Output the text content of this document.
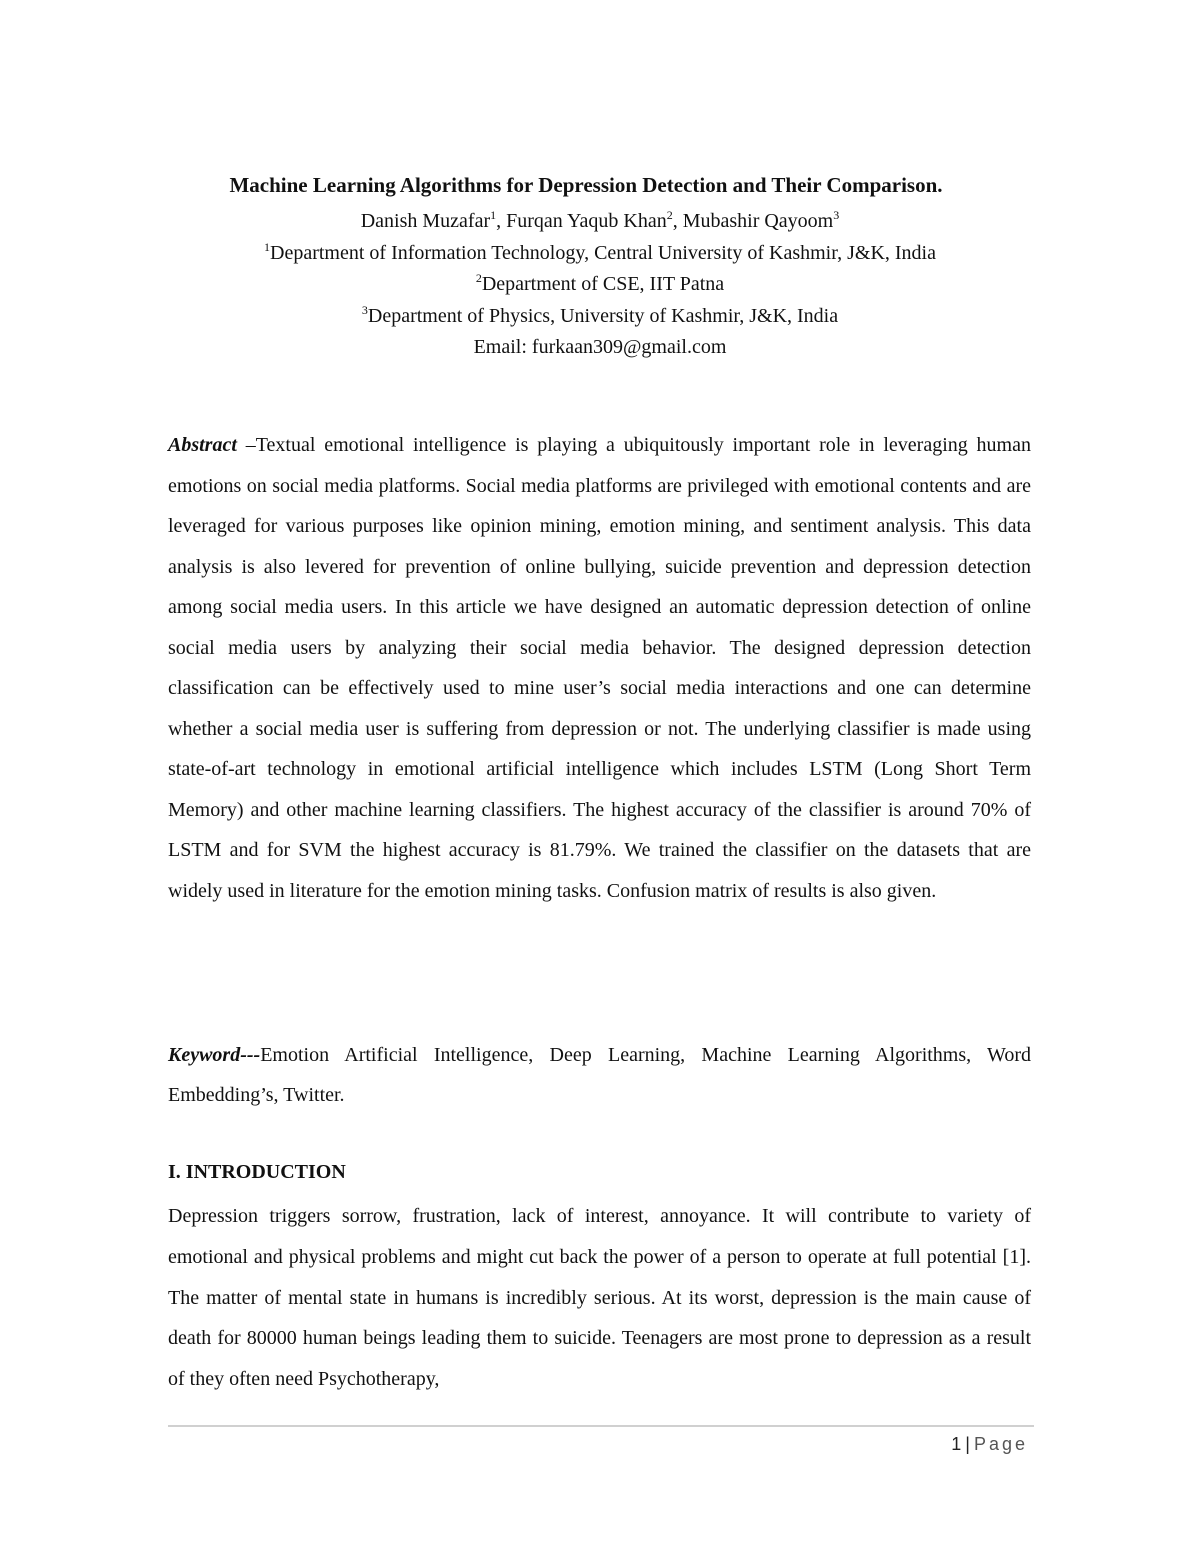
Machine Learning Algorithms for Depression Detection and Their Comparison.
Danish Muzafar$^1$, Furqan Yaqub Khan$^2$, Mubashir Qayoom$^3$
$^1$Department of Information Technology, Central University of Kashmir, J&K, India
$^2$Department of CSE, IIT Patna
$^3$Department of Physics, University of Kashmir, J&K, India
Email: furkaan309@gmail.com

Abstract –Textual emotional intelligence is playing a ubiquitously important role in leveraging human emotions on social media platforms. Social media platforms are privileged with emotional contents and are leveraged for various purposes like opinion mining, emotion mining, and sentiment analysis. This data analysis is also levered for prevention of online bullying, suicide prevention and depression detection among social media users. In this article we have designed an automatic depression detection of online social media users by analyzing their social media behavior. The designed depression detection classification can be effectively used to mine user’s social media interactions and one can determine whether a social media user is suffering from depression or not. The underlying classifier is made using state-of-art technology in emotional artificial intelligence which includes LSTM (Long Short Term Memory) and other machine learning classifiers. The highest accuracy of the classifier is around 70% of LSTM and for SVM the highest accuracy is 81.79%. We trained the classifier on the datasets that are widely used in literature for the emotion mining tasks. Confusion matrix of results is also given.

Keyword---Emotion Artificial Intelligence, Deep Learning, Machine Learning Algorithms, Word Embedding’s, Twitter.
I. INTRODUCTION
Depression triggers sorrow, frustration, lack of interest, annoyance. It will contribute to variety of emotional and physical problems and might cut back the power of a person to operate at full potential [1]. The matter of mental state in humans is incredibly serious. At its worst, depression is the main cause of death for 80000 human beings leading them to suicide. Teenagers are most prone to depression as a result of they often need Psychotherapy,
1 | Page
